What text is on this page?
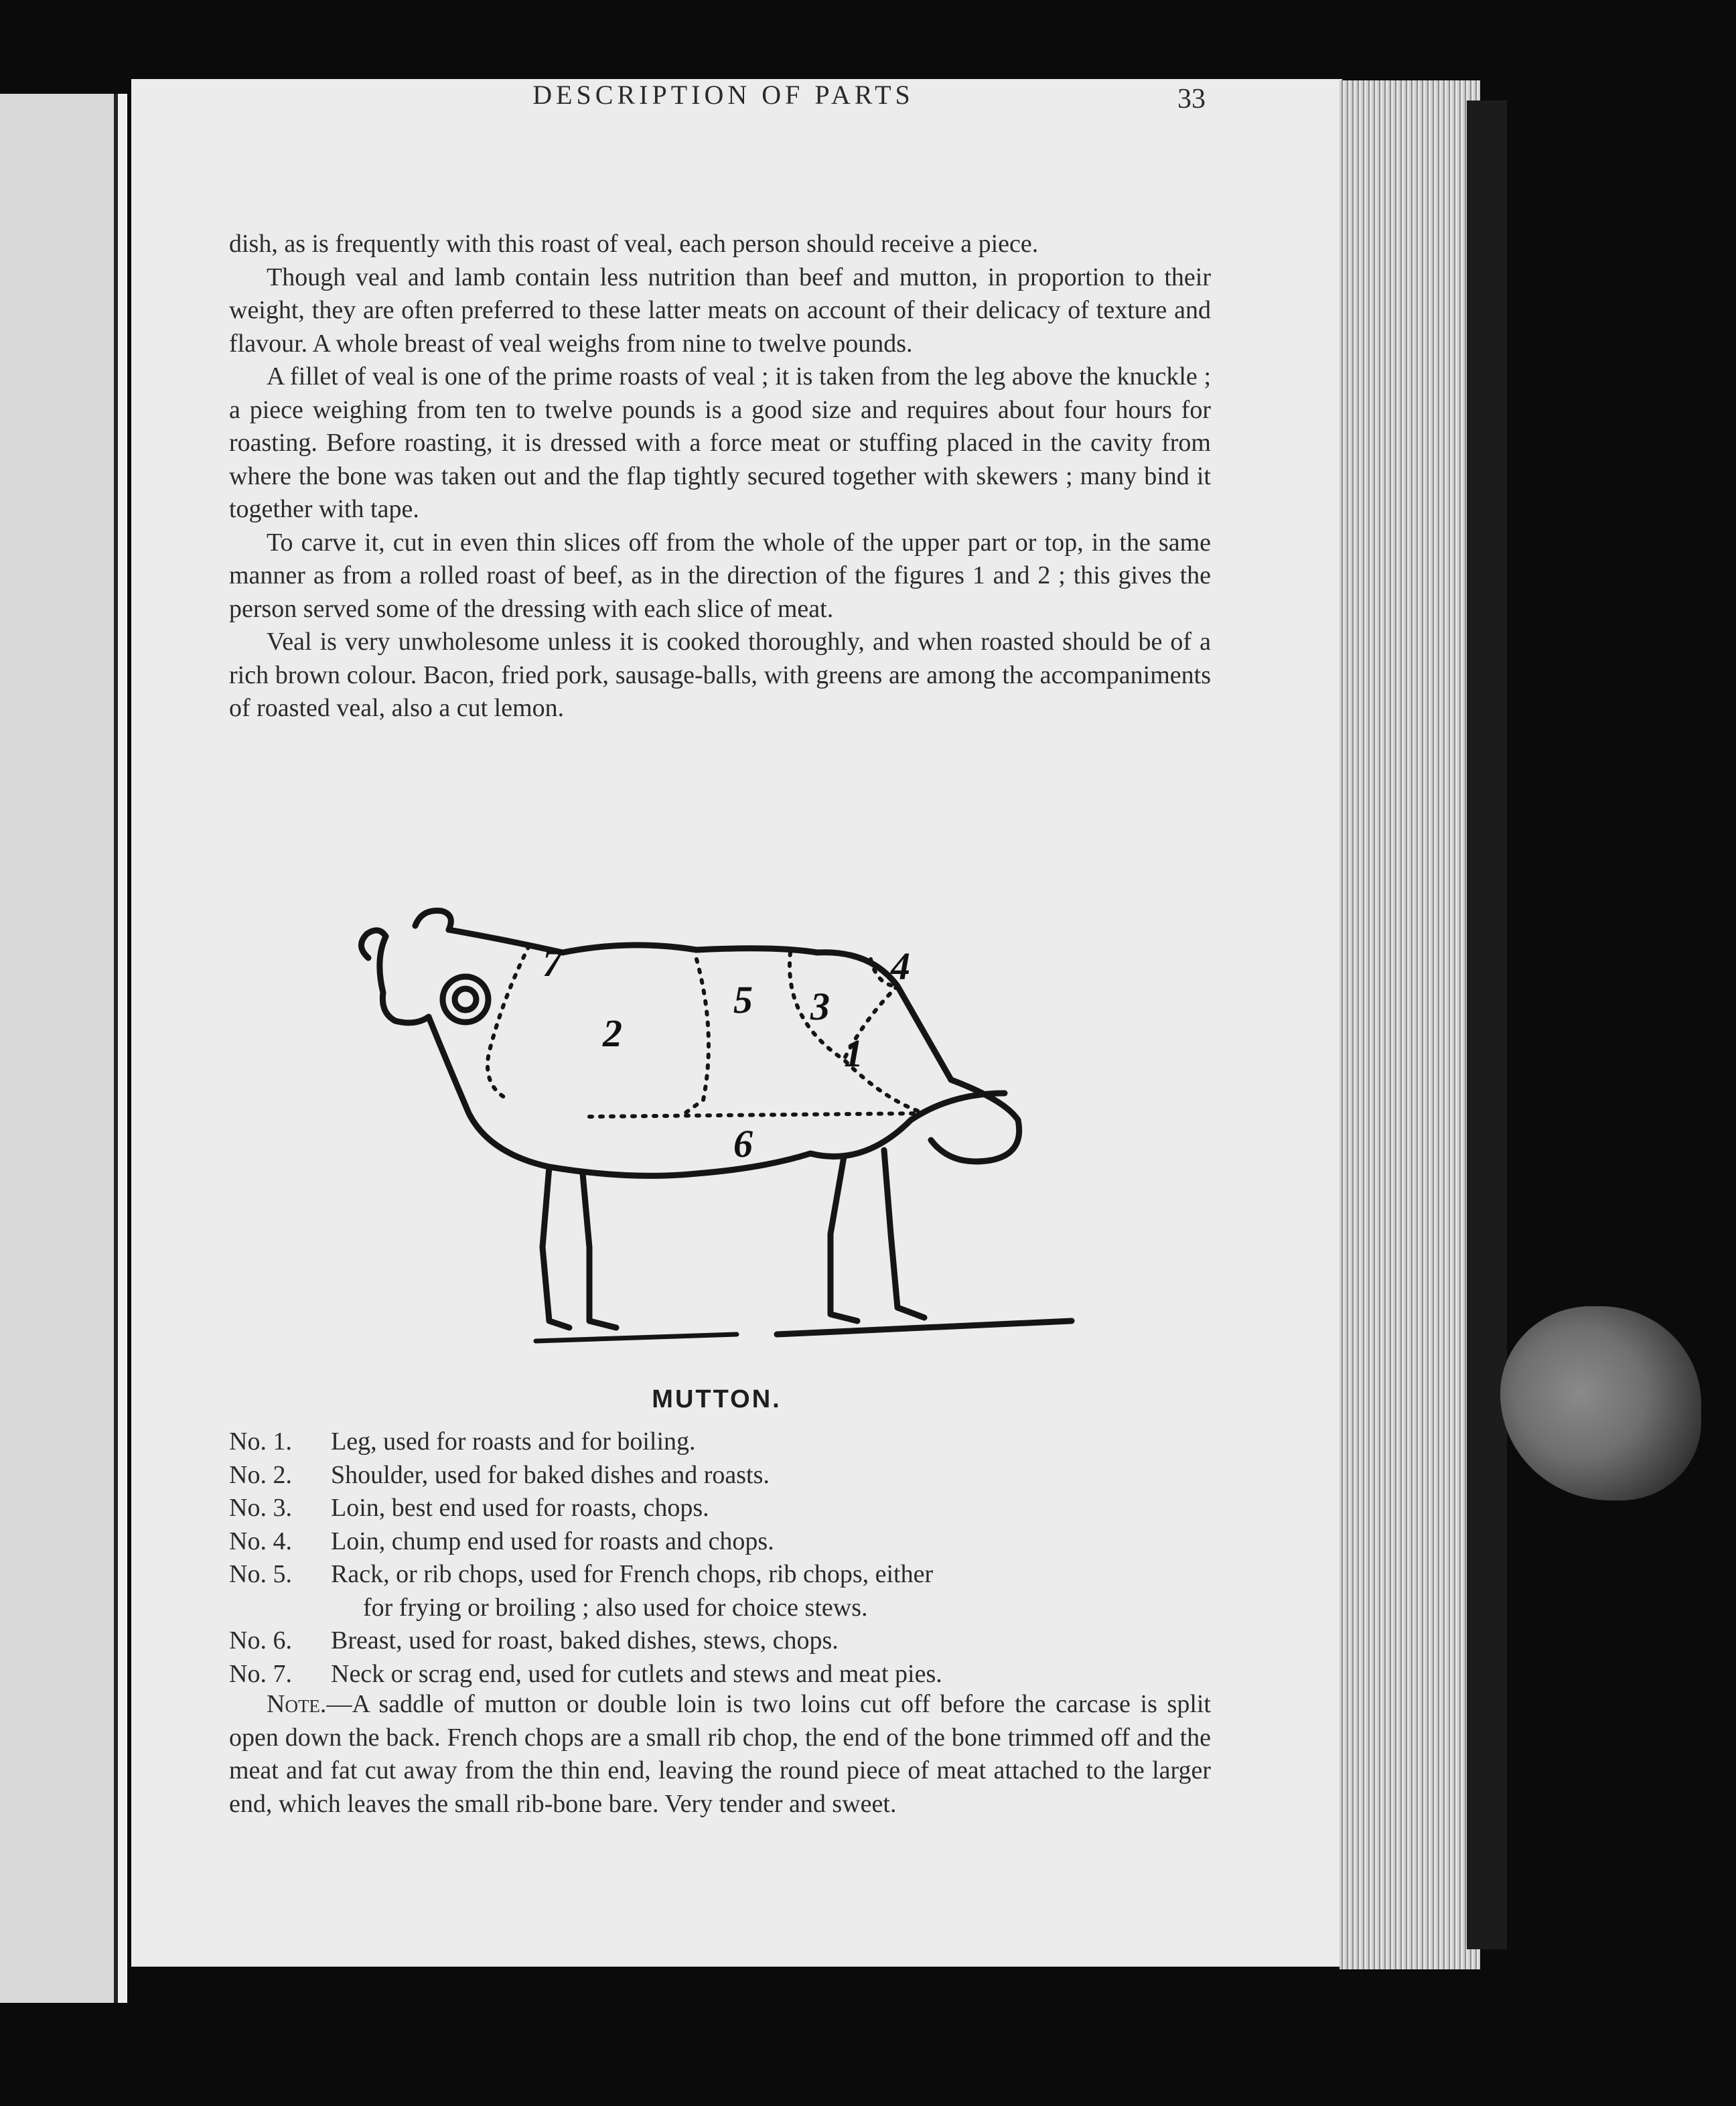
DESCRIPTION OF PARTS	33

dish, as is frequently with this roast of veal, each person should receive a piece.

Though veal and lamb contain less nutrition than beef and mutton, in proportion to their weight, they are often preferred to these latter meats on account of their delicacy of texture and flavour. A whole breast of veal weighs from nine to twelve pounds.

A fillet of veal is one of the prime roasts of veal ; it is taken from the leg above the knuckle ; a piece weighing from ten to twelve pounds is a good size and requires about four hours for roasting. Before roasting, it is dressed with a force meat or stuffing placed in the cavity from where the bone was taken out and the flap tightly secured together with skewers ; many bind it together with tape.

To carve it, cut in even thin slices off from the whole of the upper part or top, in the same manner as from a rolled roast of beef, as in the direction of the figures 1 and 2 ; this gives the person served some of the dressing with each slice of meat.

Veal is very unwholesome unless it is cooked thoroughly, and when roasted should be of a rich brown colour. Bacon, fried pork, sausage-balls, with greens are among the accompaniments of roasted veal, also a cut lemon.

1
2
3
4
5
6
7
MUTTON.
No. 1.	Leg, used for roasts and for boiling.
No. 2.	Shoulder, used for baked dishes and roasts.
No. 3.	Loin, best end used for roasts, chops.
No. 4.	Loin, chump end used for roasts and chops.
No. 5.	Rack, or rib chops, used for French chops, rib chops, either
for frying or broiling ; also used for choice stews.
No. 6.	Breast, used for roast, baked dishes, stews, chops.
No. 7.	Neck or scrag end, used for cutlets and stews and meat pies.

Note.—A saddle of mutton or double loin is two loins cut off before the carcase is split open down the back. French chops are a small rib chop, the end of the bone trimmed off and the meat and fat cut away from the thin end, leaving the round piece of meat attached to the larger end, which leaves the small rib-bone bare. Very tender and sweet.
